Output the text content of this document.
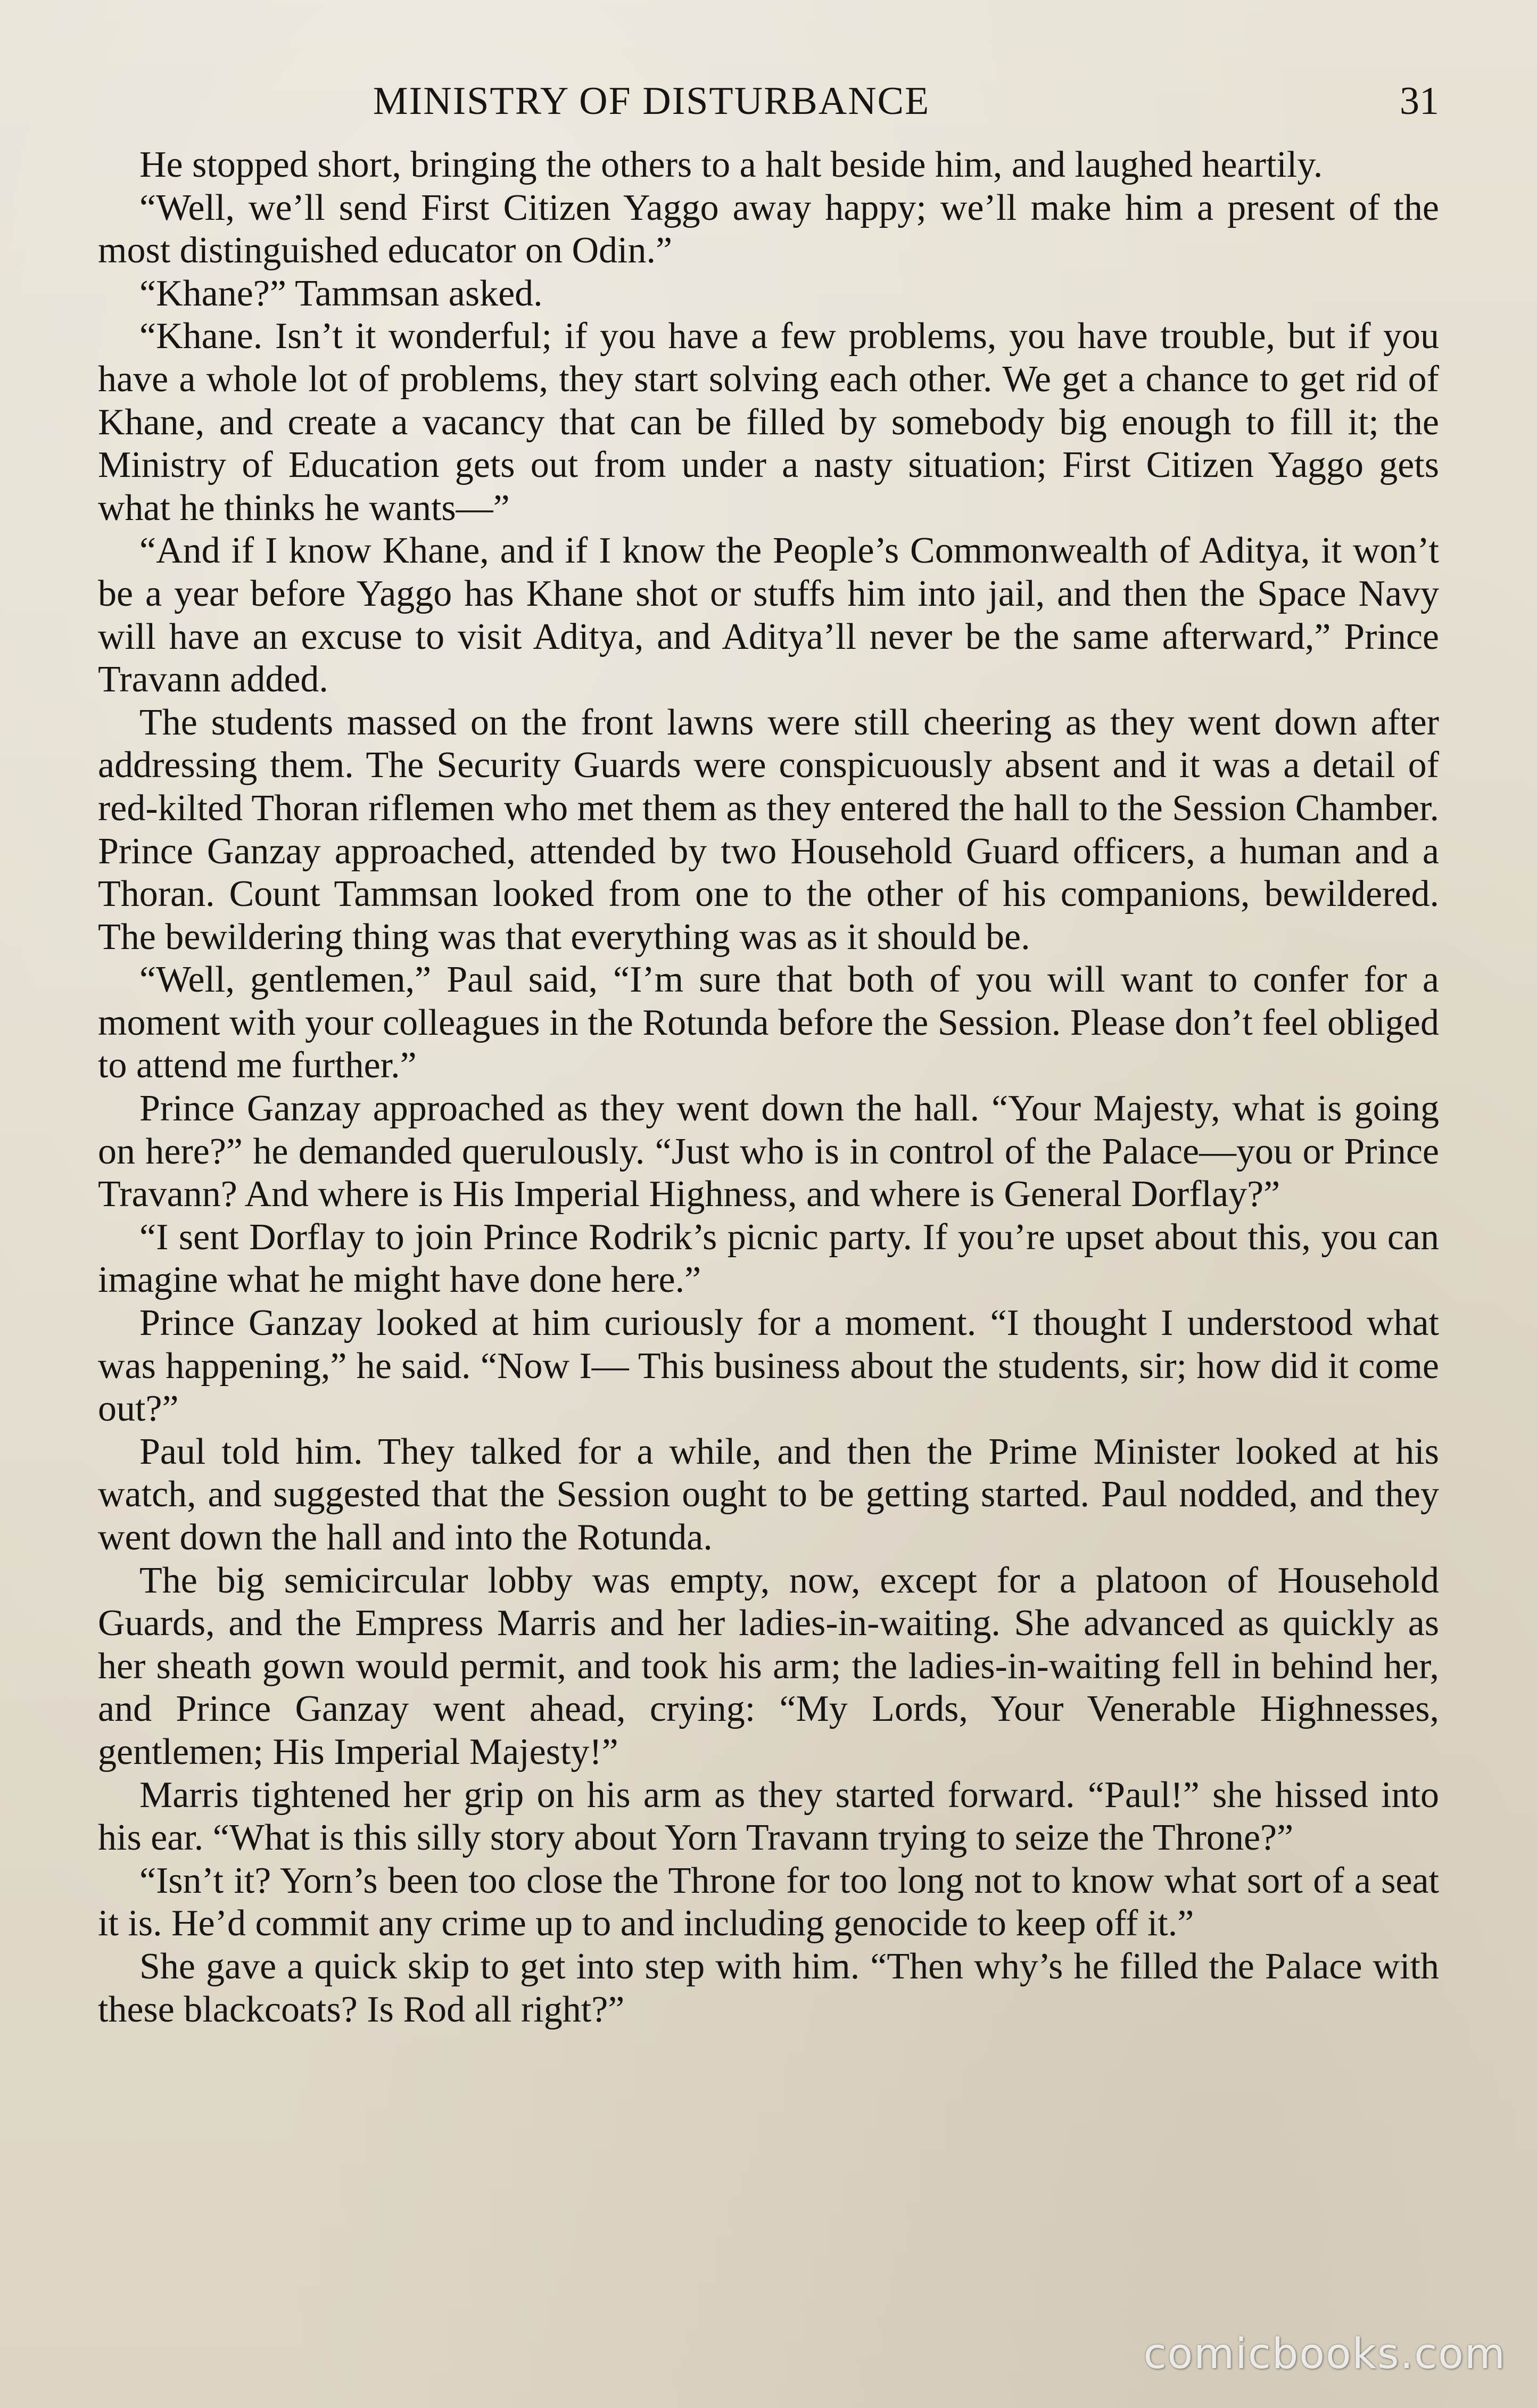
MINISTRY OF DISTURBANCE	31

He stopped short, bringing the others to a halt beside him, and laughed heartily.

“Well, we’ll send First Citizen Yaggo away happy; we’ll make him a present of the most distinguished educator on Odin.”

“Khane?” Tammsan asked.

“Khane. Isn’t it wonderful; if you have a few problems, you have trouble, but if you have a whole lot of problems, they start solving each other. We get a chance to get rid of Khane, and create a vacancy that can be filled by somebody big enough to fill it; the Ministry of Education gets out from under a nasty situation; First Citizen Yaggo gets what he thinks he wants—”

“And if I know Khane, and if I know the People’s Commonwealth of Aditya, it won’t be a year before Yaggo has Khane shot or stuffs him into jail, and then the Space Navy will have an excuse to visit Aditya, and Aditya’ll never be the same afterward,” Prince Travann added.

The students massed on the front lawns were still cheering as they went down after addressing them. The Security Guards were conspicuously absent and it was a detail of red-kilted Thoran riflemen who met them as they entered the hall to the Session Chamber. Prince Ganzay approached, attended by two Household Guard officers, a human and a Thoran. Count Tammsan looked from one to the other of his companions, bewildered. The bewildering thing was that everything was as it should be.

“Well, gentlemen,” Paul said, “I’m sure that both of you will want to confer for a moment with your colleagues in the Rotunda before the Session. Please don’t feel obliged to attend me further.”

Prince Ganzay approached as they went down the hall. “Your Majesty, what is going on here?” he demanded querulously. “Just who is in control of the Palace—you or Prince Travann? And where is His Imperial Highness, and where is General Dorflay?”

“I sent Dorflay to join Prince Rodrik’s picnic party. If you’re upset about this, you can imagine what he might have done here.”

Prince Ganzay looked at him curiously for a moment. “I thought I understood what was happening,” he said. “Now I— This business about the students, sir; how did it come out?”

Paul told him. They talked for a while, and then the Prime Minister looked at his watch, and suggested that the Session ought to be getting started. Paul nodded, and they went down the hall and into the Rotunda.

The big semicircular lobby was empty, now, except for a platoon of Household Guards, and the Empress Marris and her ladies-in-waiting. She advanced as quickly as her sheath gown would permit, and took his arm; the ladies-in-waiting fell in behind her, and Prince Ganzay went ahead, crying: “My Lords, Your Venerable Highnesses, gentlemen; His Imperial Majesty!”

Marris tightened her grip on his arm as they started forward. “Paul!” she hissed into his ear. “What is this silly story about Yorn Travann trying to seize the Throne?”

“Isn’t it? Yorn’s been too close the Throne for too long not to know what sort of a seat it is. He’d commit any crime up to and including genocide to keep off it.”

She gave a quick skip to get into step with him. “Then why’s he filled the Palace with these blackcoats? Is Rod all right?”

comicbooks.com
